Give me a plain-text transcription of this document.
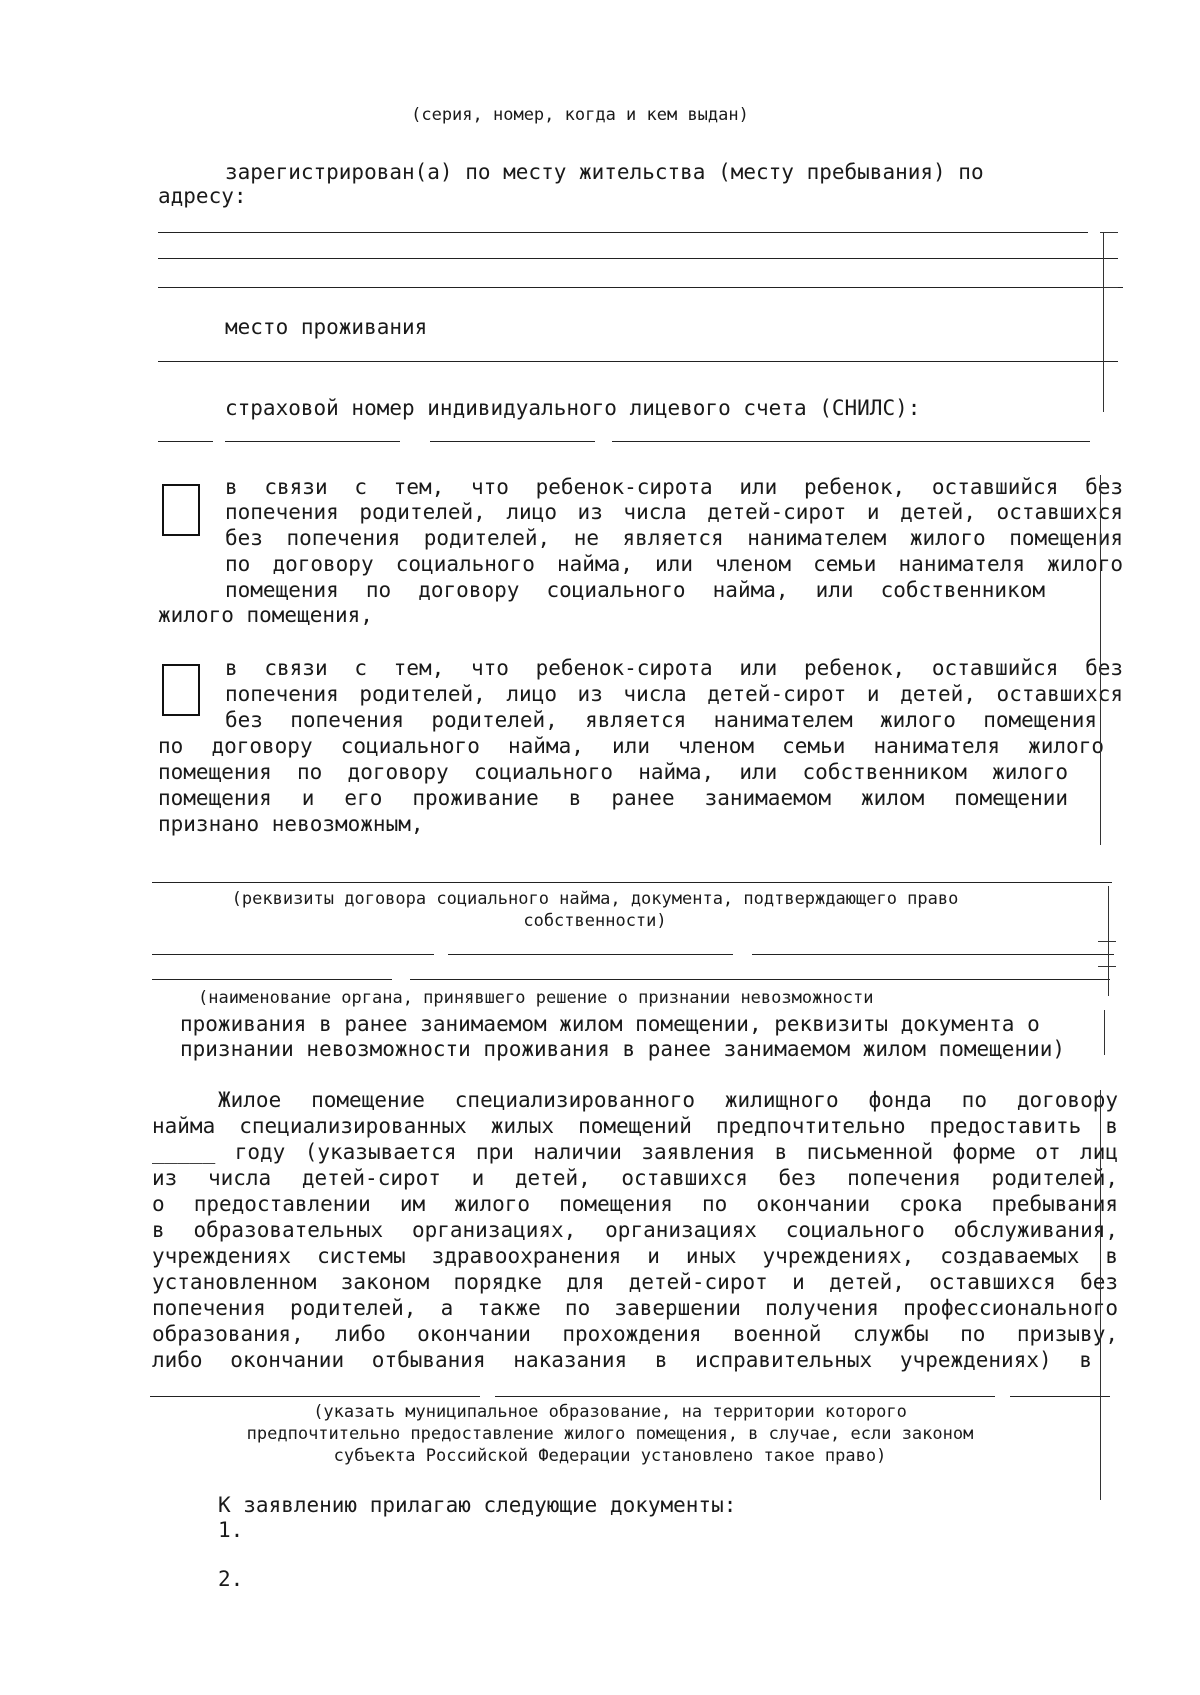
(серия, номер, когда и кем выдан)
зарегистрирован(а) по месту жительства (месту пребывания) по
адресу:
место проживания
страховой номер индивидуального лицевого счета (СНИЛС):
в связи с тем, что ребенок-сирота или ребенок, оставшийся без
попечения родителей, лицо из числа детей-сирот и детей, оставшихся
без попечения родителей, не является нанимателем жилого помещения
по договору социального найма, или членом семьи нанимателя жилого
помещения по договору социального найма, или собственником
жилого помещения,
в связи с тем, что ребенок-сирота или ребенок, оставшийся без
попечения родителей, лицо из числа детей-сирот и детей, оставшихся
без попечения родителей, является нанимателем жилого помещения
по договору социального найма, или членом семьи нанимателя жилого
помещения по договору социального найма, или собственником жилого
помещения и его проживание в ранее занимаемом жилом помещении
признано невозможным,
(реквизиты договора социального найма, документа, подтверждающего право
собственности)
(наименование органа, принявшего решение о признании невозможности
проживания в ранее занимаемом жилом помещении, реквизиты документа о
признании невозможности проживания в ранее занимаемом жилом помещении)
Жилое помещение специализированного жилищного фонда по договору
найма специализированных жилых помещений предпочтительно предоставить в
_____ году (указывается при наличии заявления в письменной форме от лиц
из числа детей-сирот и детей, оставшихся без попечения родителей,
о предоставлении им жилого помещения по окончании срока пребывания
в образовательных организациях, организациях социального обслуживания,
учреждениях системы здравоохранения и иных учреждениях, создаваемых в
установленном законом порядке для детей-сирот и детей, оставшихся без
попечения родителей, а также по завершении получения профессионального
образования, либо окончании прохождения военной службы по призыву,
либо окончании отбывания наказания в исправительных учреждениях) в
(указать муниципальное образование, на территории которого
предпочтительно предоставление жилого помещения, в случае, если законом
субъекта Российской Федерации установлено такое право)
К заявлению прилагаю следующие документы:
1.
2.
